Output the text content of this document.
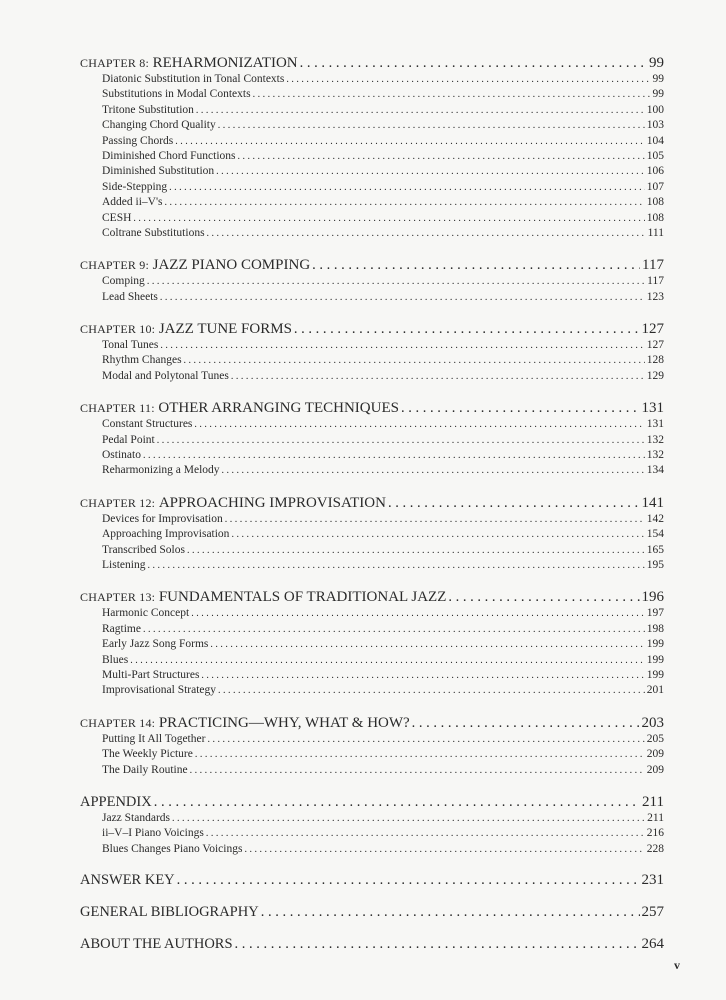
CHAPTER 8: REHARMONIZATION . . .	99
Diatonic Substitution in Tonal Contexts . . .	99
Substitutions in Modal Contexts . . .	99
Tritone Substitution . . .	100
Changing Chord Quality . . .	103
Passing Chords . . .	104
Diminished Chord Functions . . .	105
Diminished Substitution . . .	106
Side-Stepping . . .	107
Added ii–V's . . .	108
CESH . . .	108
Coltrane Substitutions . . .	111
CHAPTER 9: JAZZ PIANO COMPING . . .	117
Comping . . .	117
Lead Sheets . . .	123
CHAPTER 10: JAZZ TUNE FORMS . . .	127
Tonal Tunes . . .	127
Rhythm Changes . . .	128
Modal and Polytonal Tunes . . .	129
CHAPTER 11: OTHER ARRANGING TECHNIQUES . . .	131
Constant Structures . . .	131
Pedal Point . . .	132
Ostinato . . .	132
Reharmonizing a Melody . . .	134
CHAPTER 12: APPROACHING IMPROVISATION . . .	141
Devices for Improvisation . . .	142
Approaching Improvisation . . .	154
Transcribed Solos . . .	165
Listening . . .	195
CHAPTER 13: FUNDAMENTALS OF TRADITIONAL JAZZ . . .	196
Harmonic Concept . . .	197
Ragtime . . .	198
Early Jazz Song Forms . . .	199
Blues . . .	199
Multi-Part Structures . . .	199
Improvisational Strategy . . .	201
CHAPTER 14: PRACTICING—WHY, WHAT & HOW? . . .	203
Putting It All Together . . .	205
The Weekly Picture . . .	209
The Daily Routine . . .	209
APPENDIX . . .	211
Jazz Standards . . .	211
ii–V–I Piano Voicings . . .	216
Blues Changes Piano Voicings . . .	228
ANSWER KEY . . .	231
GENERAL BIBLIOGRAPHY . . .	257
ABOUT THE AUTHORS . . .	264
v
